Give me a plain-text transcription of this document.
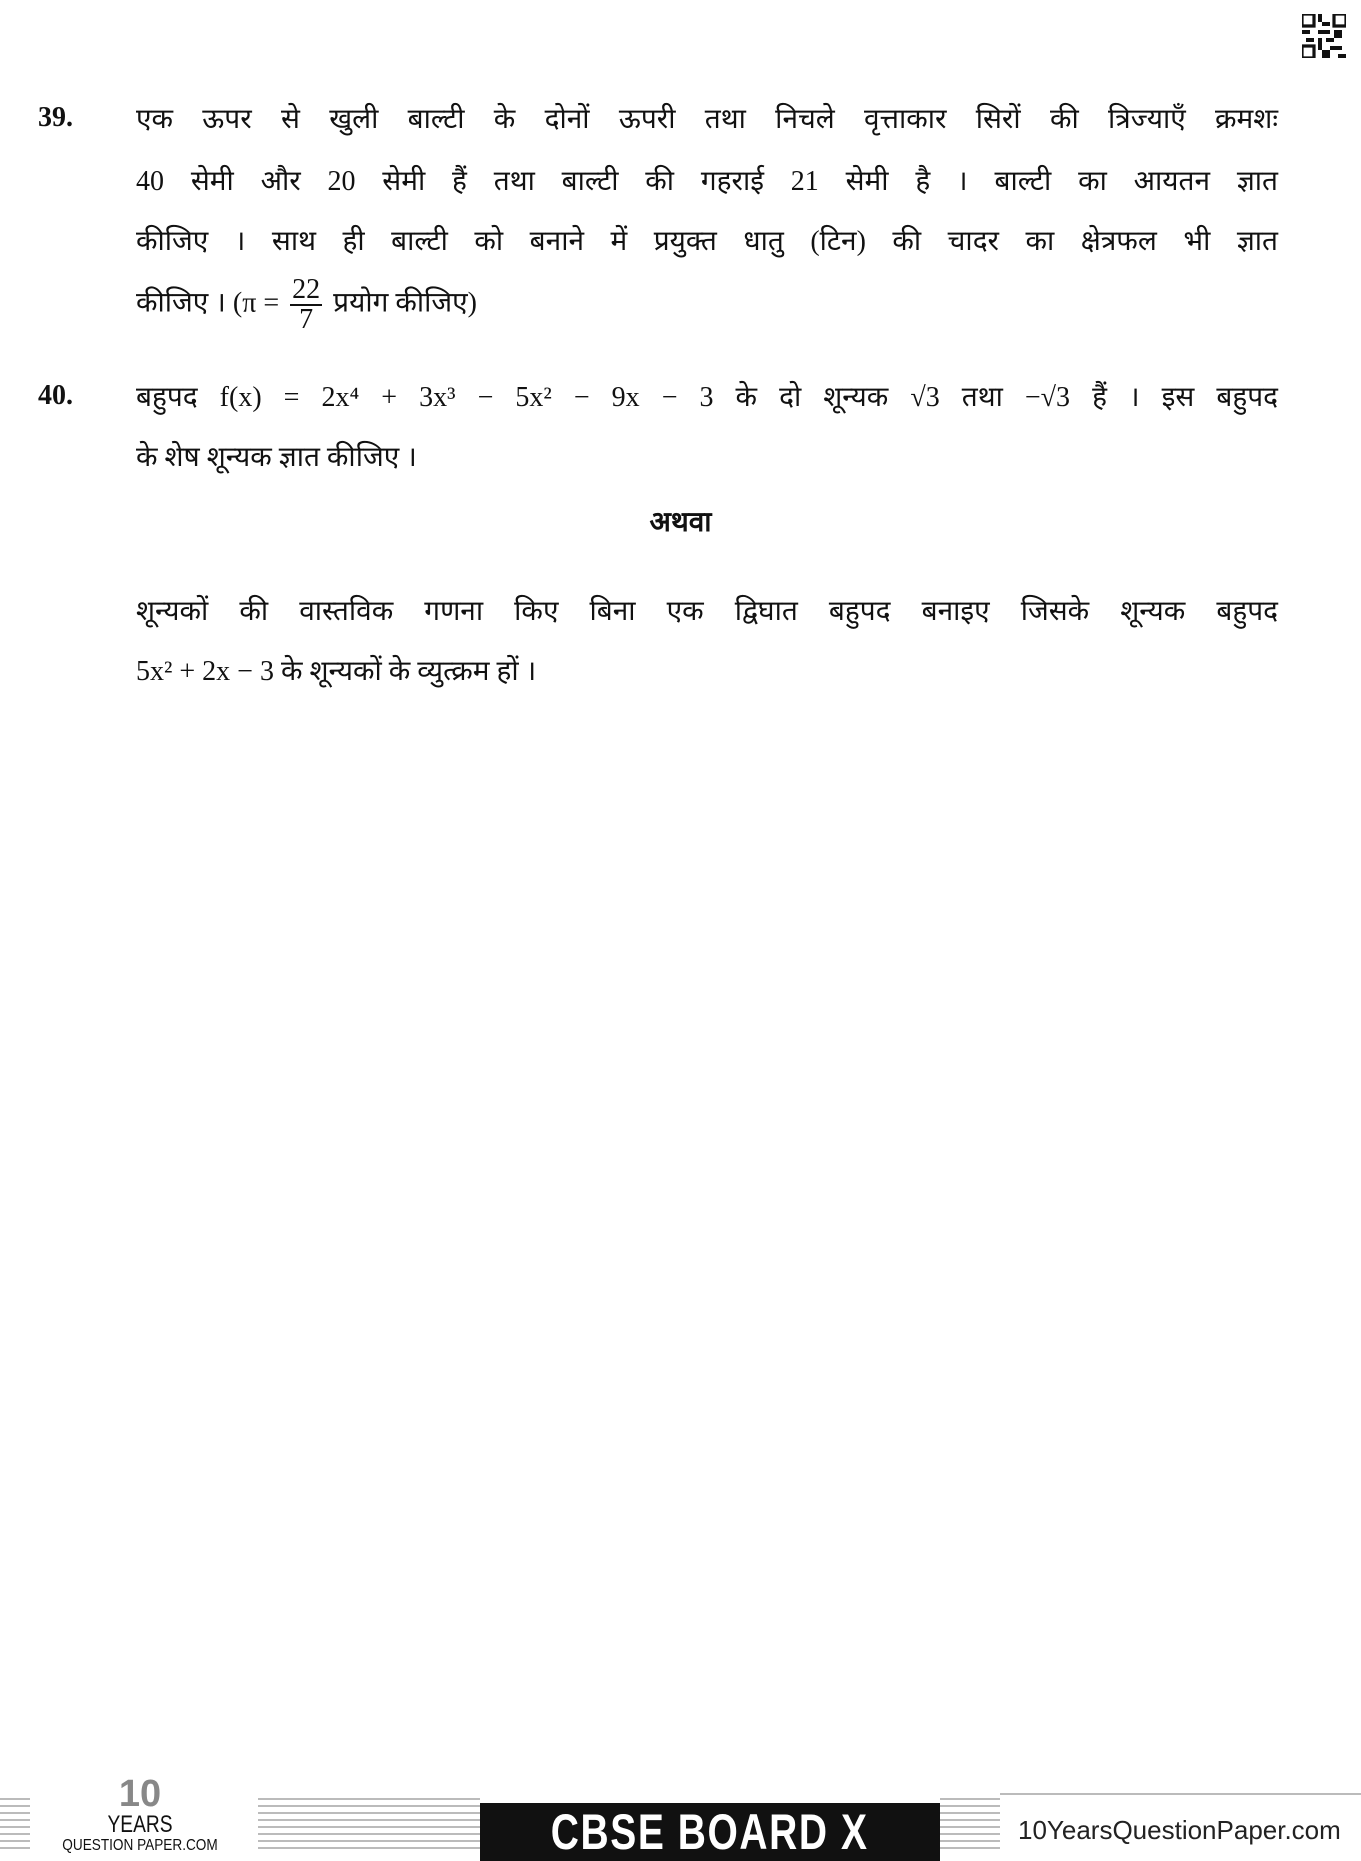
39. एक ऊपर से खुली बाल्टी के दोनों ऊपरी तथा निचले वृत्ताकार सिरों की त्रिज्याएँ क्रमशः
40 सेमी और 20 सेमी हैं तथा बाल्टी की गहराई 21 सेमी है । बाल्टी का आयतन ज्ञात
कीजिए । साथ ही बाल्टी को बनाने में प्रयुक्त धातु (टिन) की चादर का क्षेत्रफल भी ज्ञात
कीजिए । ($\pi = \frac{22}{7}$ प्रयोग कीजिए)
40. बहुपद f(x) = 2x⁴ + 3x³ − 5x² − 9x − 3 के दो शून्यक √3 तथा −√3 हैं । इस बहुपद
के शेष शून्यक ज्ञात कीजिए ।
अथवा
शून्यकों की वास्तविक गणना किए बिना एक द्विघात बहुपद बनाइए जिसके शून्यक बहुपद
5x² + 2x − 3 के शून्यकों के व्युत्क्रम हों ।
10
YEARS
QUESTION PAPER.COM	CBSE BOARD X	10YearsQuestionPaper.com
